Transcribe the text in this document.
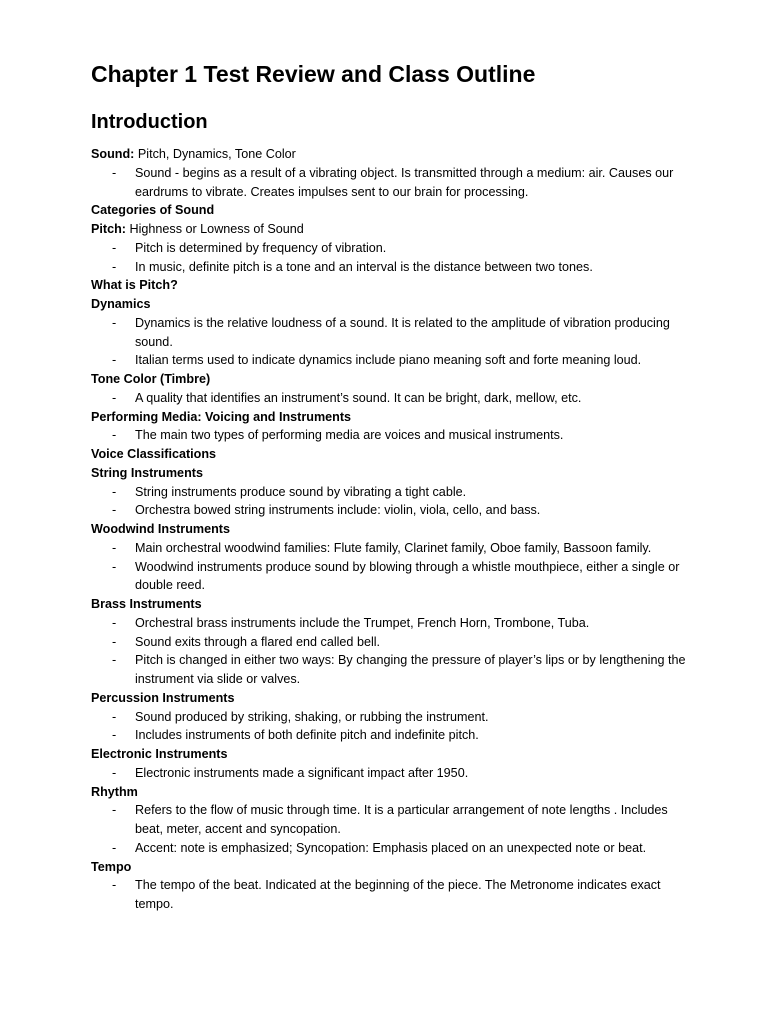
Chapter 1 Test Review and Class Outline
Introduction

Sound: Pitch, Dynamics, Tone Color

-	Sound - begins as a result of a vibrating object. Is transmitted through a medium: air. Causes our eardrums to vibrate. Creates impulses sent to our brain for processing.

Categories of Sound

Pitch: Highness or Lowness of Sound

-	Pitch is determined by frequency of vibration.
-	In music, definite pitch is a tone and an interval is the distance between two tones.

What is Pitch?

Dynamics

-	Dynamics is the relative loudness of a sound. It is related to the amplitude of vibration producing sound.
-	Italian terms used to indicate dynamics include piano meaning soft and forte meaning loud.

Tone Color (Timbre)

-	A quality that identifies an instrument’s sound. It can be bright, dark, mellow, etc.

Performing Media: Voicing and Instruments

-	The main two types of performing media are voices and musical instruments.

Voice Classifications

String Instruments

-	String instruments produce sound by vibrating a tight cable.
-	Orchestra bowed string instruments include: violin, viola, cello, and bass.

Woodwind Instruments

-	Main orchestral woodwind families: Flute family, Clarinet family, Oboe family, Bassoon family.
-	Woodwind instruments produce sound by blowing through a whistle mouthpiece, either a single or double reed.

Brass Instruments

-	Orchestral brass instruments include the Trumpet, French Horn, Trombone, Tuba.
-	Sound exits through a flared end called bell.
-	Pitch is changed in either two ways: By changing the pressure of player’s lips or by lengthening the instrument via slide or valves.

Percussion Instruments

-	Sound produced by striking, shaking, or rubbing the instrument.
-	Includes instruments of both definite pitch and indefinite pitch.

Electronic Instruments

-	Electronic instruments made a significant impact after 1950.

Rhythm

-	Refers to the flow of music through time. It is a particular arrangement of note lengths . Includes beat, meter, accent and syncopation.
-	Accent: note is emphasized; Syncopation: Emphasis placed on an unexpected note or beat.

Tempo

-	The tempo of the beat. Indicated at the beginning of the piece. The Metronome indicates exact tempo.
